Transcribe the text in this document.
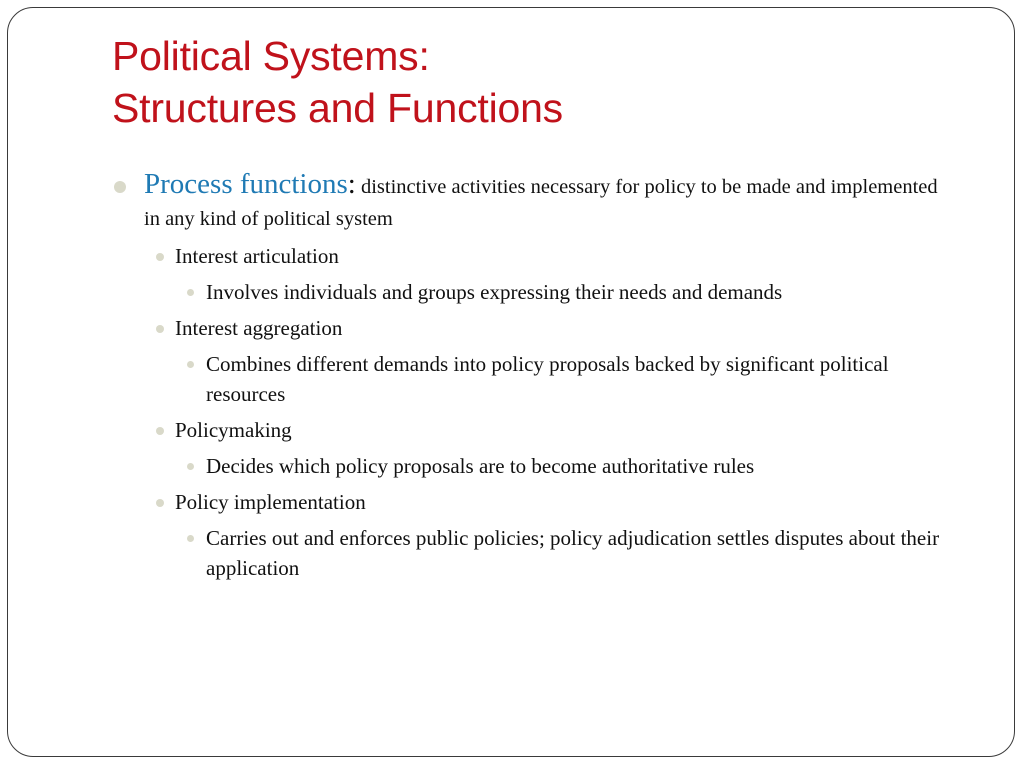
Political Systems:
Structures and Functions
Process functions: distinctive activities necessary for policy to be made and implemented in any kind of political system
Interest articulation
Involves individuals and groups expressing their needs and demands
Interest aggregation
Combines different demands into policy proposals backed by significant political resources
Policymaking
Decides which policy proposals are to become authoritative rules
Policy implementation
Carries out and enforces public policies; policy adjudication settles disputes about their application
